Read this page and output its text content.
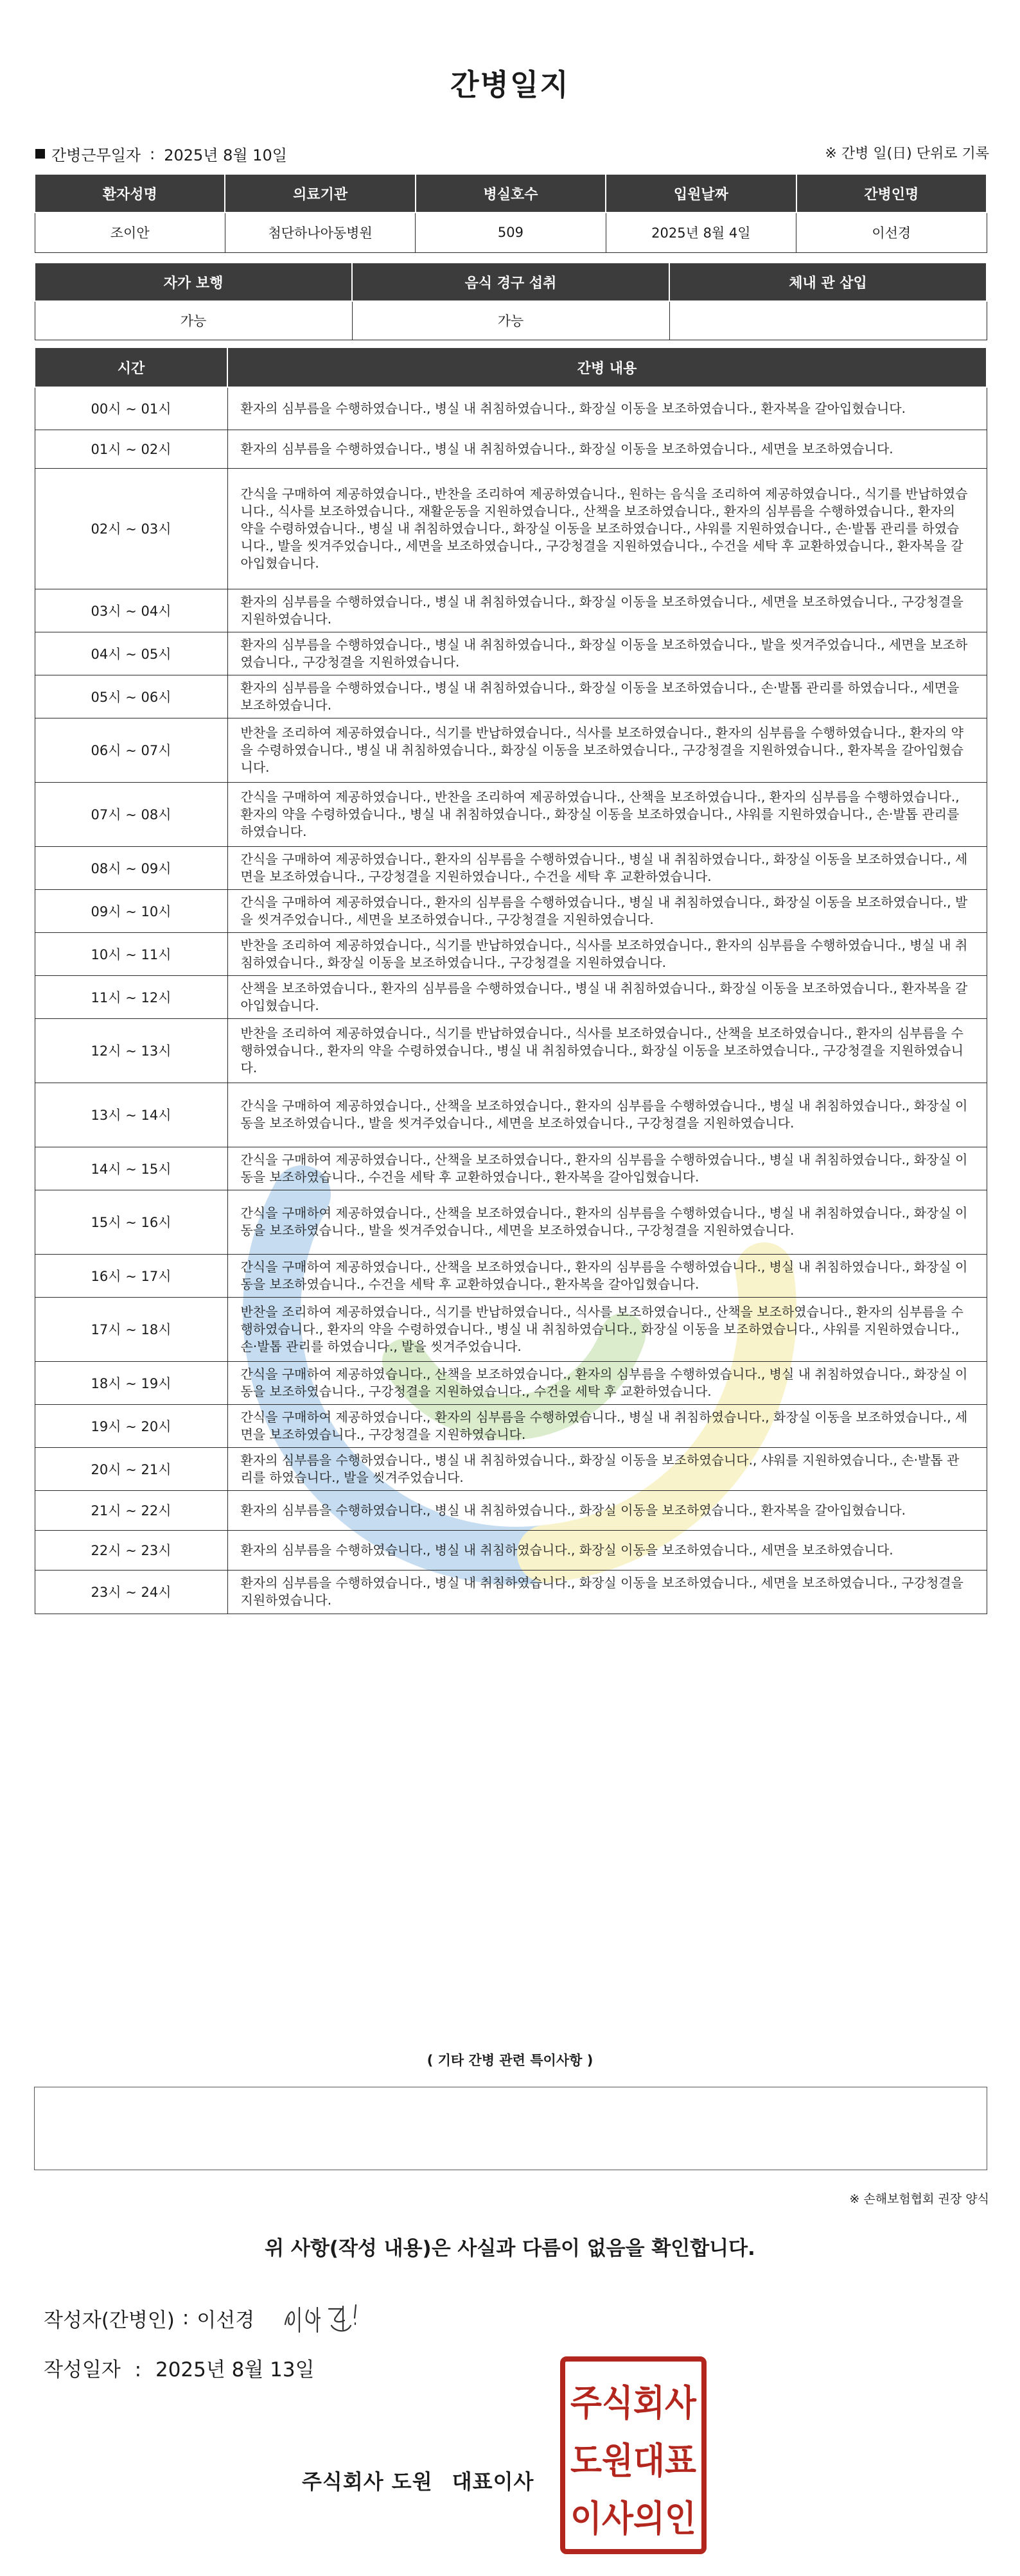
간병일지
간병근무일자 : 2025년 8월 10일	※ 간병 일(日) 단위로 기록
환자성명	의료기관	병실호수	입원날짜	간병인명
조이안	첨단하나아동병원	509	2025년 8월 4일	이선경
자가 보행	음식 경구 섭취	체내 관 삽입
가능	가능	
시간	간병 내용
00시 ~ 01시	환자의 심부름을 수행하였습니다., 병실 내 취침하였습니다., 화장실 이동을 보조하였습니다., 환자복을 갈아입혔습니다.
01시 ~ 02시	환자의 심부름을 수행하였습니다., 병실 내 취침하였습니다., 화장실 이동을 보조하였습니다., 세면을 보조하였습니다.
02시 ~ 03시	간식을 구매하여 제공하였습니다., 반찬을 조리하여 제공하였습니다., 원하는 음식을 조리하여 제공하였습니다., 식기를 반납하였습니다., 식사를 보조하였습니다., 재활운동을 지원하였습니다., 산책을 보조하였습니다., 환자의 심부름을 수행하였습니다., 환자의 약을 수령하였습니다., 병실 내 취침하였습니다., 화장실 이동을 보조하였습니다., 샤워를 지원하였습니다., 손·발톱 관리를 하였습니다., 발을 씻겨주었습니다., 세면을 보조하였습니다., 구강청결을 지원하였습니다., 수건을 세탁 후 교환하였습니다., 환자복을 갈아입혔습니다.
03시 ~ 04시	환자의 심부름을 수행하였습니다., 병실 내 취침하였습니다., 화장실 이동을 보조하였습니다., 세면을 보조하였습니다., 구강청결을 지원하였습니다.
04시 ~ 05시	환자의 심부름을 수행하였습니다., 병실 내 취침하였습니다., 화장실 이동을 보조하였습니다., 발을 씻겨주었습니다., 세면을 보조하였습니다., 구강청결을 지원하였습니다.
05시 ~ 06시	환자의 심부름을 수행하였습니다., 병실 내 취침하였습니다., 화장실 이동을 보조하였습니다., 손·발톱 관리를 하였습니다., 세면을 보조하였습니다.
06시 ~ 07시	반찬을 조리하여 제공하였습니다., 식기를 반납하였습니다., 식사를 보조하였습니다., 환자의 심부름을 수행하였습니다., 환자의 약을 수령하였습니다., 병실 내 취침하였습니다., 화장실 이동을 보조하였습니다., 구강청결을 지원하였습니다., 환자복을 갈아입혔습니다.
07시 ~ 08시	간식을 구매하여 제공하였습니다., 반찬을 조리하여 제공하였습니다., 산책을 보조하였습니다., 환자의 심부름을 수행하였습니다., 환자의 약을 수령하였습니다., 병실 내 취침하였습니다., 화장실 이동을 보조하였습니다., 샤워를 지원하였습니다., 손·발톱 관리를 하였습니다.
08시 ~ 09시	간식을 구매하여 제공하였습니다., 환자의 심부름을 수행하였습니다., 병실 내 취침하였습니다., 화장실 이동을 보조하였습니다., 세면을 보조하였습니다., 구강청결을 지원하였습니다., 수건을 세탁 후 교환하였습니다.
09시 ~ 10시	간식을 구매하여 제공하였습니다., 환자의 심부름을 수행하였습니다., 병실 내 취침하였습니다., 화장실 이동을 보조하였습니다., 발을 씻겨주었습니다., 세면을 보조하였습니다., 구강청결을 지원하였습니다.
10시 ~ 11시	반찬을 조리하여 제공하였습니다., 식기를 반납하였습니다., 식사를 보조하였습니다., 환자의 심부름을 수행하였습니다., 병실 내 취침하였습니다., 화장실 이동을 보조하였습니다., 구강청결을 지원하였습니다.
11시 ~ 12시	산책을 보조하였습니다., 환자의 심부름을 수행하였습니다., 병실 내 취침하였습니다., 화장실 이동을 보조하였습니다., 환자복을 갈아입혔습니다.
12시 ~ 13시	반찬을 조리하여 제공하였습니다., 식기를 반납하였습니다., 식사를 보조하였습니다., 산책을 보조하였습니다., 환자의 심부름을 수행하였습니다., 환자의 약을 수령하였습니다., 병실 내 취침하였습니다., 화장실 이동을 보조하였습니다., 구강청결을 지원하였습니다.
13시 ~ 14시	간식을 구매하여 제공하였습니다., 산책을 보조하였습니다., 환자의 심부름을 수행하였습니다., 병실 내 취침하였습니다., 화장실 이동을 보조하였습니다., 발을 씻겨주었습니다., 세면을 보조하였습니다., 구강청결을 지원하였습니다.
14시 ~ 15시	간식을 구매하여 제공하였습니다., 산책을 보조하였습니다., 환자의 심부름을 수행하였습니다., 병실 내 취침하였습니다., 화장실 이동을 보조하였습니다., 수건을 세탁 후 교환하였습니다., 환자복을 갈아입혔습니다.
15시 ~ 16시	간식을 구매하여 제공하였습니다., 산책을 보조하였습니다., 환자의 심부름을 수행하였습니다., 병실 내 취침하였습니다., 화장실 이동을 보조하였습니다., 발을 씻겨주었습니다., 세면을 보조하였습니다., 구강청결을 지원하였습니다.
16시 ~ 17시	간식을 구매하여 제공하였습니다., 산책을 보조하였습니다., 환자의 심부름을 수행하였습니다., 병실 내 취침하였습니다., 화장실 이동을 보조하였습니다., 수건을 세탁 후 교환하였습니다., 환자복을 갈아입혔습니다.
17시 ~ 18시	반찬을 조리하여 제공하였습니다., 식기를 반납하였습니다., 식사를 보조하였습니다., 산책을 보조하였습니다., 환자의 심부름을 수행하였습니다., 환자의 약을 수령하였습니다., 병실 내 취침하였습니다., 화장실 이동을 보조하였습니다., 샤워를 지원하였습니다., 손·발톱 관리를 하였습니다., 발을 씻겨주었습니다.
18시 ~ 19시	간식을 구매하여 제공하였습니다., 산책을 보조하였습니다., 환자의 심부름을 수행하였습니다., 병실 내 취침하였습니다., 화장실 이동을 보조하였습니다., 구강청결을 지원하였습니다., 수건을 세탁 후 교환하였습니다.
19시 ~ 20시	간식을 구매하여 제공하였습니다., 환자의 심부름을 수행하였습니다., 병실 내 취침하였습니다., 화장실 이동을 보조하였습니다., 세면을 보조하였습니다., 구강청결을 지원하였습니다.
20시 ~ 21시	환자의 심부름을 수행하였습니다., 병실 내 취침하였습니다., 화장실 이동을 보조하였습니다., 샤워를 지원하였습니다., 손·발톱 관리를 하였습니다., 발을 씻겨주었습니다.
21시 ~ 22시	환자의 심부름을 수행하였습니다., 병실 내 취침하였습니다., 화장실 이동을 보조하였습니다., 환자복을 갈아입혔습니다.
22시 ~ 23시	환자의 심부름을 수행하였습니다., 병실 내 취침하였습니다., 화장실 이동을 보조하였습니다., 세면을 보조하였습니다.
23시 ~ 24시	환자의 심부름을 수행하였습니다., 병실 내 취침하였습니다., 화장실 이동을 보조하였습니다., 세면을 보조하였습니다., 구강청결을 지원하였습니다.
( 기타 간병 관련 특이사항 )
※ 손해보험협회 권장 양식
위 사항(작성 내용)은 사실과 다름이 없음을 확인합니다.
작성자(간병인) : 이선경
작성일자 : 2025년 8월 13일
주식회사 도원 대표이사
주식회사
도원대표
이사의인
